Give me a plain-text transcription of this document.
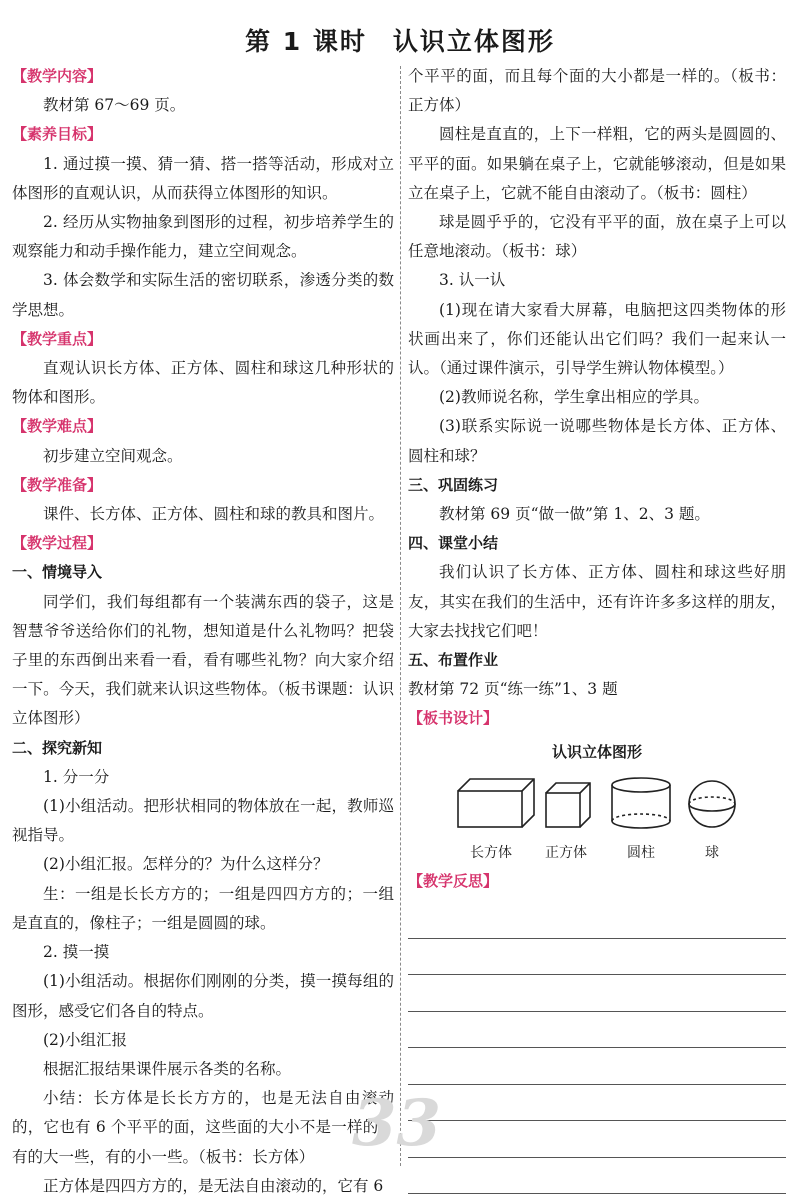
第 1 课时 认识立体图形

【教学内容】

教材第 67～69 页。

【素养目标】

1. 通过摸一摸、猜一猜、搭一搭等活动，形成对立体图形的直观认识，从而获得立体图形的知识。

2. 经历从实物抽象到图形的过程，初步培养学生的观察能力和动手操作能力，建立空间观念。

3. 体会数学和实际生活的密切联系，渗透分类的数学思想。

【教学重点】

直观认识长方体、正方体、圆柱和球这几种形状的物体和图形。

【教学难点】

初步建立空间观念。

【教学准备】

课件、长方体、正方体、圆柱和球的教具和图片。

【教学过程】

一、情境导入

同学们，我们每组都有一个装满东西的袋子，这是智慧爷爷送给你们的礼物，想知道是什么礼物吗？把袋子里的东西倒出来看一看，看有哪些礼物？向大家介绍一下。今天，我们就来认识这些物体。（板书课题：认识立体图形）

二、探究新知

1. 分一分

(1)小组活动。把形状相同的物体放在一起，教师巡视指导。

(2)小组汇报。怎样分的？为什么这样分？

生：一组是长长方方的；一组是四四方方的；一组是直直的，像柱子；一组是圆圆的球。

2. 摸一摸

(1)小组活动。根据你们刚刚的分类，摸一摸每组的图形，感受它们各自的特点。

(2)小组汇报

根据汇报结果课件展示各类的名称。

小结：长方体是长长方方的，也是无法自由滚动的，它也有 6 个平平的面，这些面的大小不是一样的，有的大一些，有的小一些。（板书：长方体）

正方体是四四方方的，是无法自由滚动的，它有 6

个平平的面，而且每个面的大小都是一样的。（板书：正方体）

圆柱是直直的，上下一样粗，它的两头是圆圆的、平平的面。如果躺在桌子上，它就能够滚动，但是如果立在桌子上，它就不能自由滚动了。（板书：圆柱）

球是圆乎乎的，它没有平平的面，放在桌子上可以任意地滚动。（板书：球）

3. 认一认

(1)现在请大家看大屏幕，电脑把这四类物体的形状画出来了，你们还能认出它们吗？我们一起来认一认。（通过课件演示，引导学生辨认物体模型。）

(2)教师说名称，学生拿出相应的学具。

(3)联系实际说一说哪些物体是长方体、正方体、圆柱和球？

三、巩固练习

教材第 69 页“做一做”第 1、2、3 题。

四、课堂小结

我们认识了长方体、正方体、圆柱和球这些好朋友，其实在我们的生活中，还有许许多多这样的朋友，大家去找找它们吧！

五、布置作业

教材第 72 页“练一练”1、3 题

【板书设计】

认识立体图形
长方体 正方体	圆柱	球

【教学反思】

33
